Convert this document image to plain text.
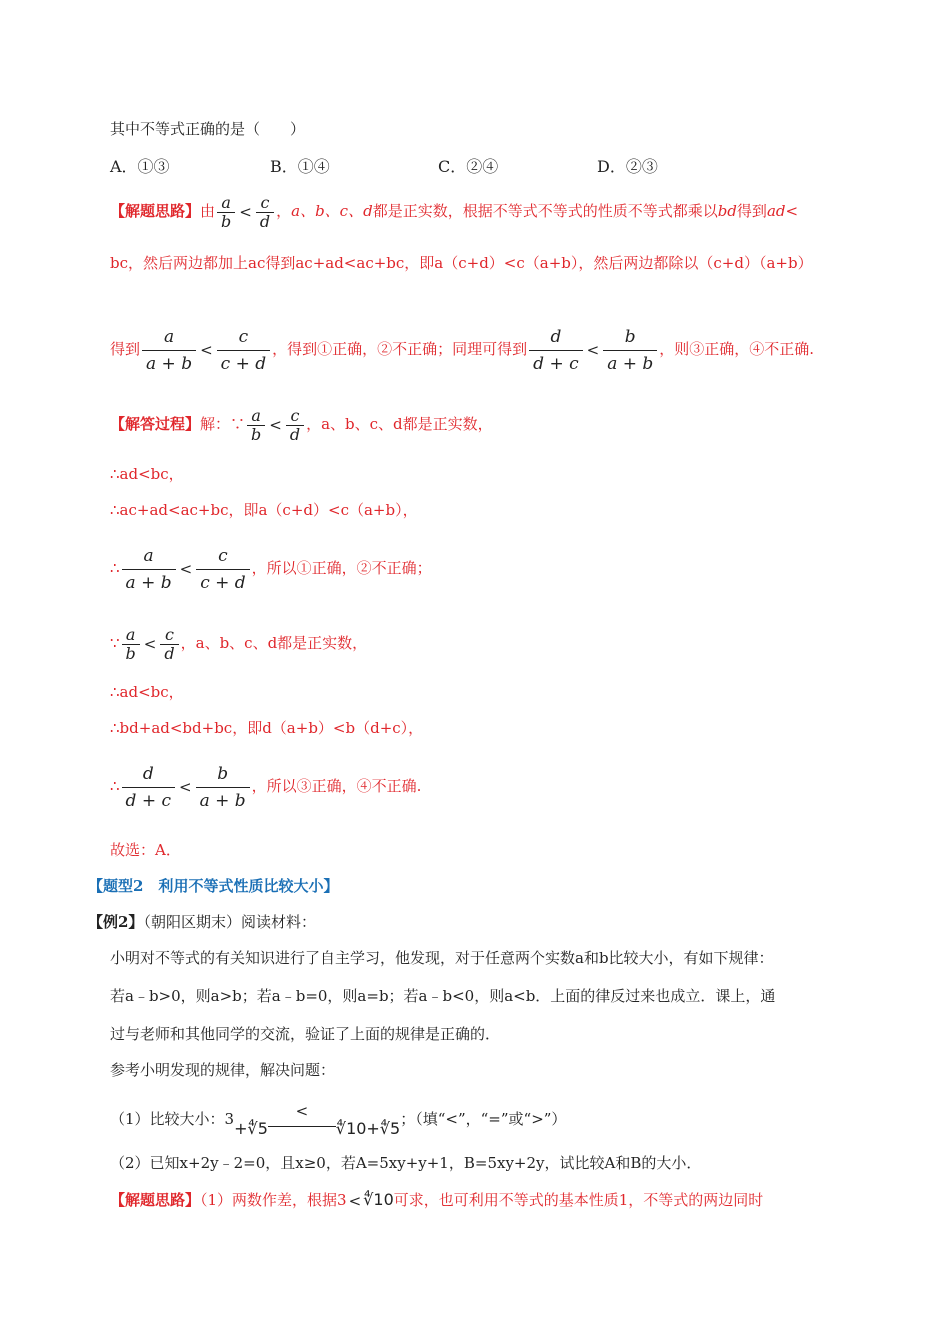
其中不等式正确的是（　　）
A．①③	B．①④	C．②④	D．②③
【解题思路】由 $\frac{a}{b} < \frac{c}{d}$ ，a、b、c、d都是正实数，根据不等式不等式的性质不等式都乘以bd得到ad<
bc，然后两边都加上ac得到ac+ad<ac+bc，即a（c+d）<c（a+b），然后两边都除以（c+d）（a+b）
得到 $\frac{a}{a + b} < \frac{c}{c + d}$ ，得到①正确，②不正确；同理可得到 $\frac{d}{d + c} < \frac{b}{a + b}$ ，则③正确，④不正确.
【解答过程】解：∵ $\frac{a}{b} < \frac{c}{d}$ ，a、b、c、d都是正实数，
∴ad<bc，
∴ac+ad<ac+bc，即a（c+d）<c（a+b），
∴ $\frac{a}{a + b} < \frac{c}{c + d}$ ，所以①正确，②不正确；
∵ $\frac{a}{b} < \frac{c}{d}$ ，a、b、c、d都是正实数，
∴ad<bc，
∴bd+ad<bd+bc，即d（a+b）<b（d+c），
∴ $\frac{d}{d + c} < \frac{b}{a + b}$ ，所以③正确，④不正确.
故选：A．
【题型2　利用不等式性质比较大小】
【例2】（朝阳区期末）阅读材料：
小明对不等式的有关知识进行了自主学习，他发现，对于任意两个实数a和b比较大小，有如下规律：
若a﹣b>0，则a>b；若a﹣b=0，则a=b；若a﹣b<0，则a<b．上面的律反过来也成立．课上，通
过与老师和其他同学的交流，验证了上面的规律是正确的．
参考小明发现的规律，解决问题：
（1）比较大小：3+∜5<∜10+∜5；（填“<”，“=”或“>”）
（2）已知x+2y﹣2=0，且x≥0，若A=5xy+y+1，B=5xy+2y，试比较A和B的大小．
【解题思路】（1）两数作差，根据3 < ∜10可求，也可利用不等式的基本性质1，不等式的两边同时
